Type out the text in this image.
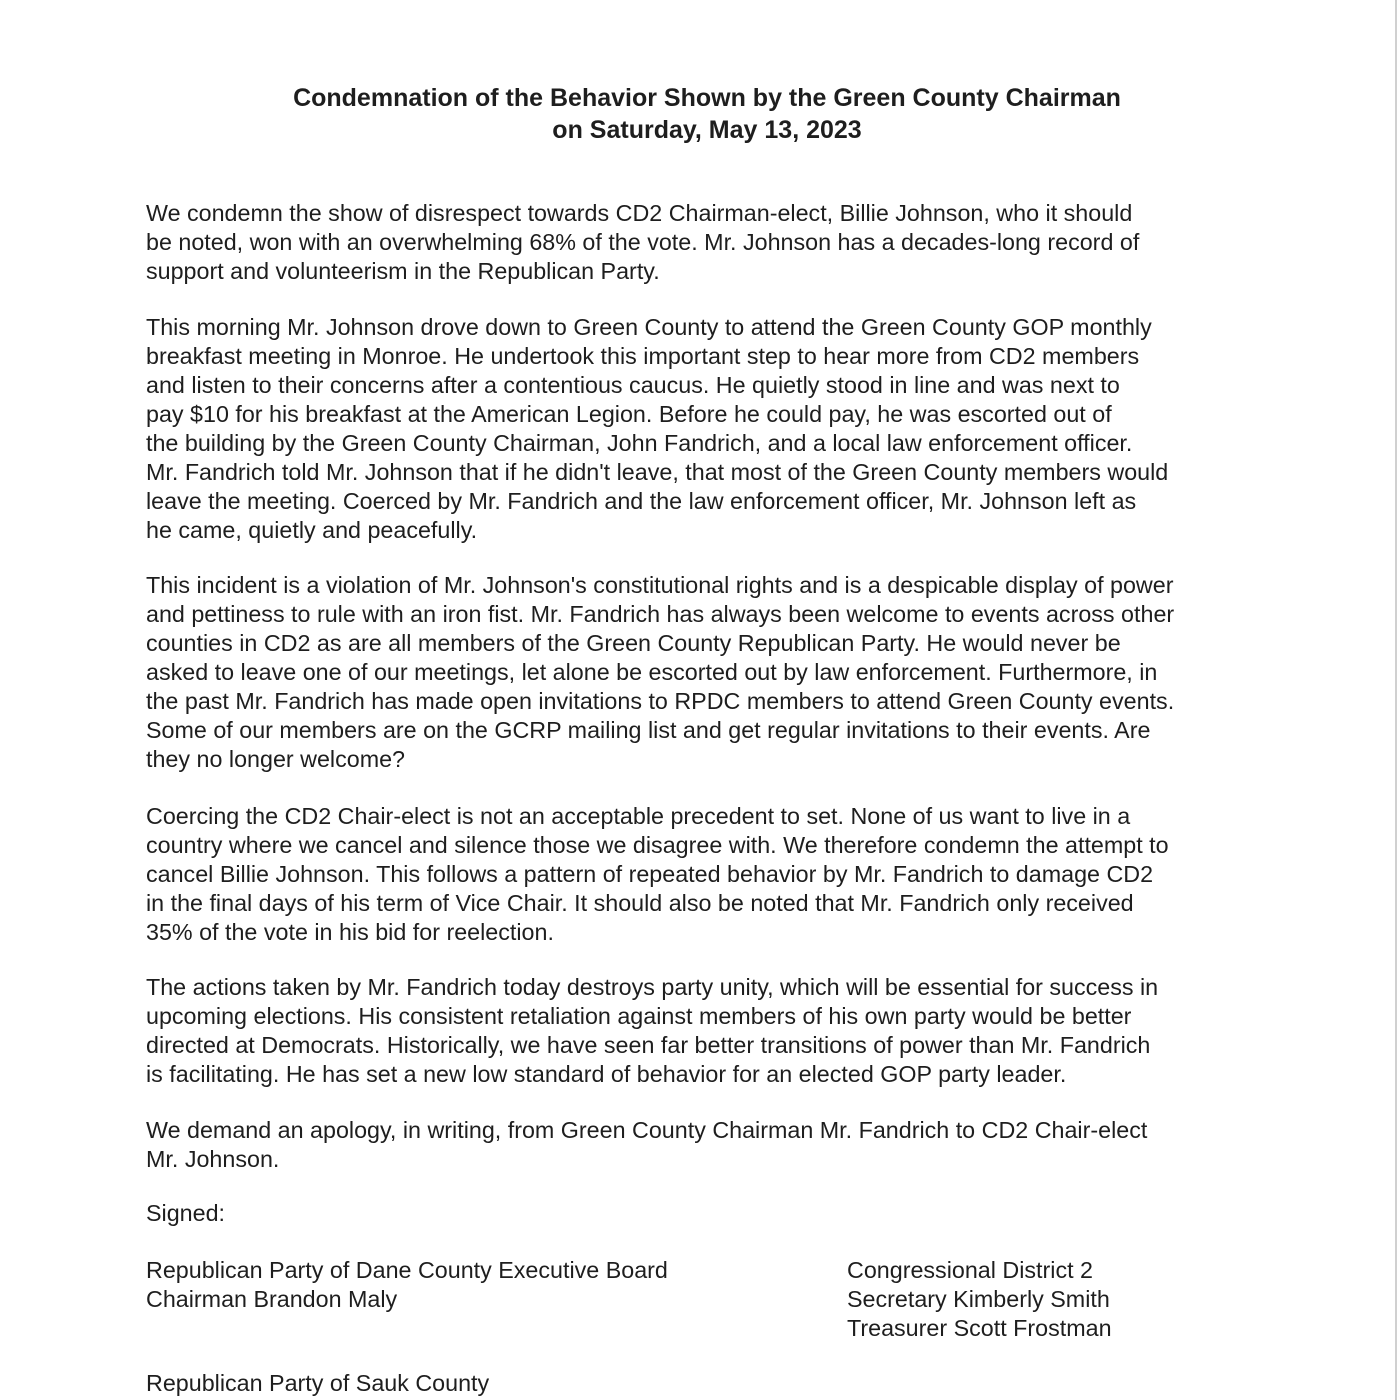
Condemnation of the Behavior Shown by the Green County Chairman
on Saturday, May 13, 2023

We condemn the show of disrespect towards CD2 Chairman-elect, Billie Johnson, who it should
be noted, won with an overwhelming 68% of the vote. Mr. Johnson has a decades-long record of
support and volunteerism in the Republican Party.

This morning Mr. Johnson drove down to Green County to attend the Green County GOP monthly
breakfast meeting in Monroe. He undertook this important step to hear more from CD2 members
and listen to their concerns after a contentious caucus. He quietly stood in line and was next to
pay $10 for his breakfast at the American Legion. Before he could pay, he was escorted out of
the building by the Green County Chairman, John Fandrich, and a local law enforcement officer.
Mr. Fandrich told Mr. Johnson that if he didn't leave, that most of the Green County members would
leave the meeting. Coerced by Mr. Fandrich and the law enforcement officer, Mr. Johnson left as
he came, quietly and peacefully.

This incident is a violation of Mr. Johnson's constitutional rights and is a despicable display of power
and pettiness to rule with an iron fist. Mr. Fandrich has always been welcome to events across other
counties in CD2 as are all members of the Green County Republican Party. He would never be
asked to leave one of our meetings, let alone be escorted out by law enforcement. Furthermore, in
the past Mr. Fandrich has made open invitations to RPDC members to attend Green County events.
Some of our members are on the GCRP mailing list and get regular invitations to their events. Are
they no longer welcome?

Coercing the CD2 Chair-elect is not an acceptable precedent to set. None of us want to live in a
country where we cancel and silence those we disagree with. We therefore condemn the attempt to
cancel Billie Johnson. This follows a pattern of repeated behavior by Mr. Fandrich to damage CD2
in the final days of his term of Vice Chair. It should also be noted that Mr. Fandrich only received
35% of the vote in his bid for reelection.

The actions taken by Mr. Fandrich today destroys party unity, which will be essential for success in
upcoming elections. His consistent retaliation against members of his own party would be better
directed at Democrats. Historically, we have seen far better transitions of power than Mr. Fandrich
is facilitating. He has set a new low standard of behavior for an elected GOP party leader.

We demand an apology, in writing, from Green County Chairman Mr. Fandrich to CD2 Chair-elect
Mr. Johnson.

Signed:

Republican Party of Dane County Executive Board
Chairman Brandon Maly
Congressional District 2
Secretary Kimberly Smith
Treasurer Scott Frostman
Republican Party of Sauk County
